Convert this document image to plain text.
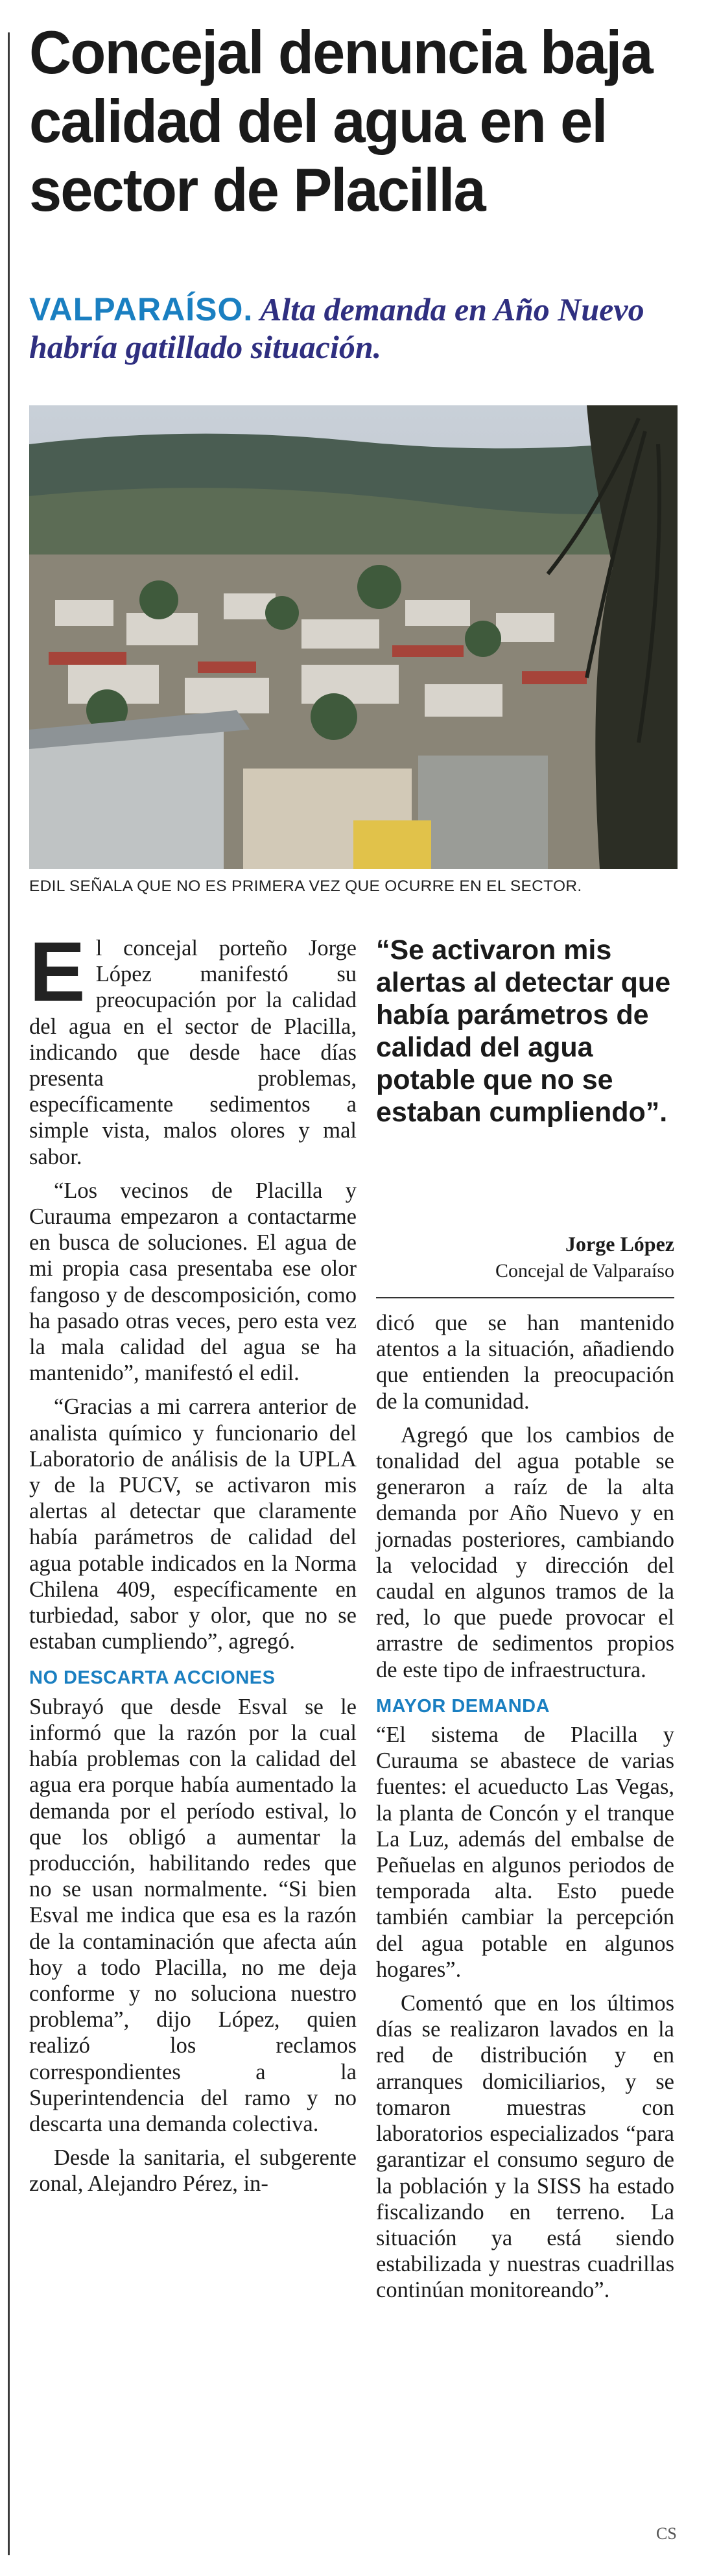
Concejal denuncia baja calidad del agua en el sector de Placilla
VALPARAÍSO. Alta demanda en Año Nuevo habría gatillado situación.
EDIL SEÑALA QUE NO ES PRIMERA VEZ QUE OCURRE EN EL SECTOR.

E l concejal porteño Jorge López manifestó su preocupación por la calidad del agua en el sector de Placilla, indicando que desde hace días presenta problemas, específicamente sedimentos a simple vista, malos olores y mal sabor.

“Los vecinos de Placilla y Curauma empezaron a contactarme en busca de soluciones. El agua de mi propia casa presentaba ese olor fangoso y de descomposición, como ha pasado otras veces, pero esta vez la mala calidad del agua se ha mantenido”, manifestó el edil.

“Gracias a mi carrera anterior de analista químico y funcionario del Laboratorio de análisis de la UPLA y de la PUCV, se activaron mis alertas al detectar que claramente había parámetros de calidad del agua potable indicados en la Norma Chilena 409, específicamente en turbiedad, sabor y olor, que no se estaban cumpliendo”, agregó.

NO DESCARTA ACCIONES

Subrayó que desde Esval se le informó que la razón por la cual había problemas con la calidad del agua era porque había aumentado la demanda por el período estival, lo que los obligó a aumentar la producción, habilitando redes que no se usan normalmente. “Si bien Esval me indica que esa es la razón de la contaminación que afecta aún hoy a todo Placilla, no me deja conforme y no soluciona nuestro problema”, dijo López, quien realizó los reclamos correspondientes a la Superintendencia del ramo y no descarta una demanda colectiva.

Desde la sanitaria, el subgerente zonal, Alejandro Pérez, in-

“Se activaron mis alertas al detectar que había parámetros de calidad del agua potable que no se estaban cumpliendo”.
Jorge López
Concejal de Valparaíso

dicó que se han mantenido atentos a la situación, añadiendo que entienden la preocupación de la comunidad.

Agregó que los cambios de tonalidad del agua potable se generaron a raíz de la alta demanda por Año Nuevo y en jornadas posteriores, cambiando la velocidad y dirección del caudal en algunos tramos de la red, lo que puede provocar el arrastre de sedimentos propios de este tipo de infraestructura.

MAYOR DEMANDA

“El sistema de Placilla y Curauma se abastece de varias fuentes: el acueducto Las Vegas, la planta de Concón y el tranque La Luz, además del embalse de Peñuelas en algunos periodos de temporada alta. Esto puede también cambiar la percepción del agua potable en algunos hogares”.

Comentó que en los últimos días se realizaron lavados en la red de distribución y en arranques domiciliarios, y se tomaron muestras con laboratorios especializados “para garantizar el consumo seguro de la población y la SISS ha estado fiscalizando en terreno. La situación ya está siendo estabilizada y nuestras cuadrillas continúan monitoreando”.

CS
